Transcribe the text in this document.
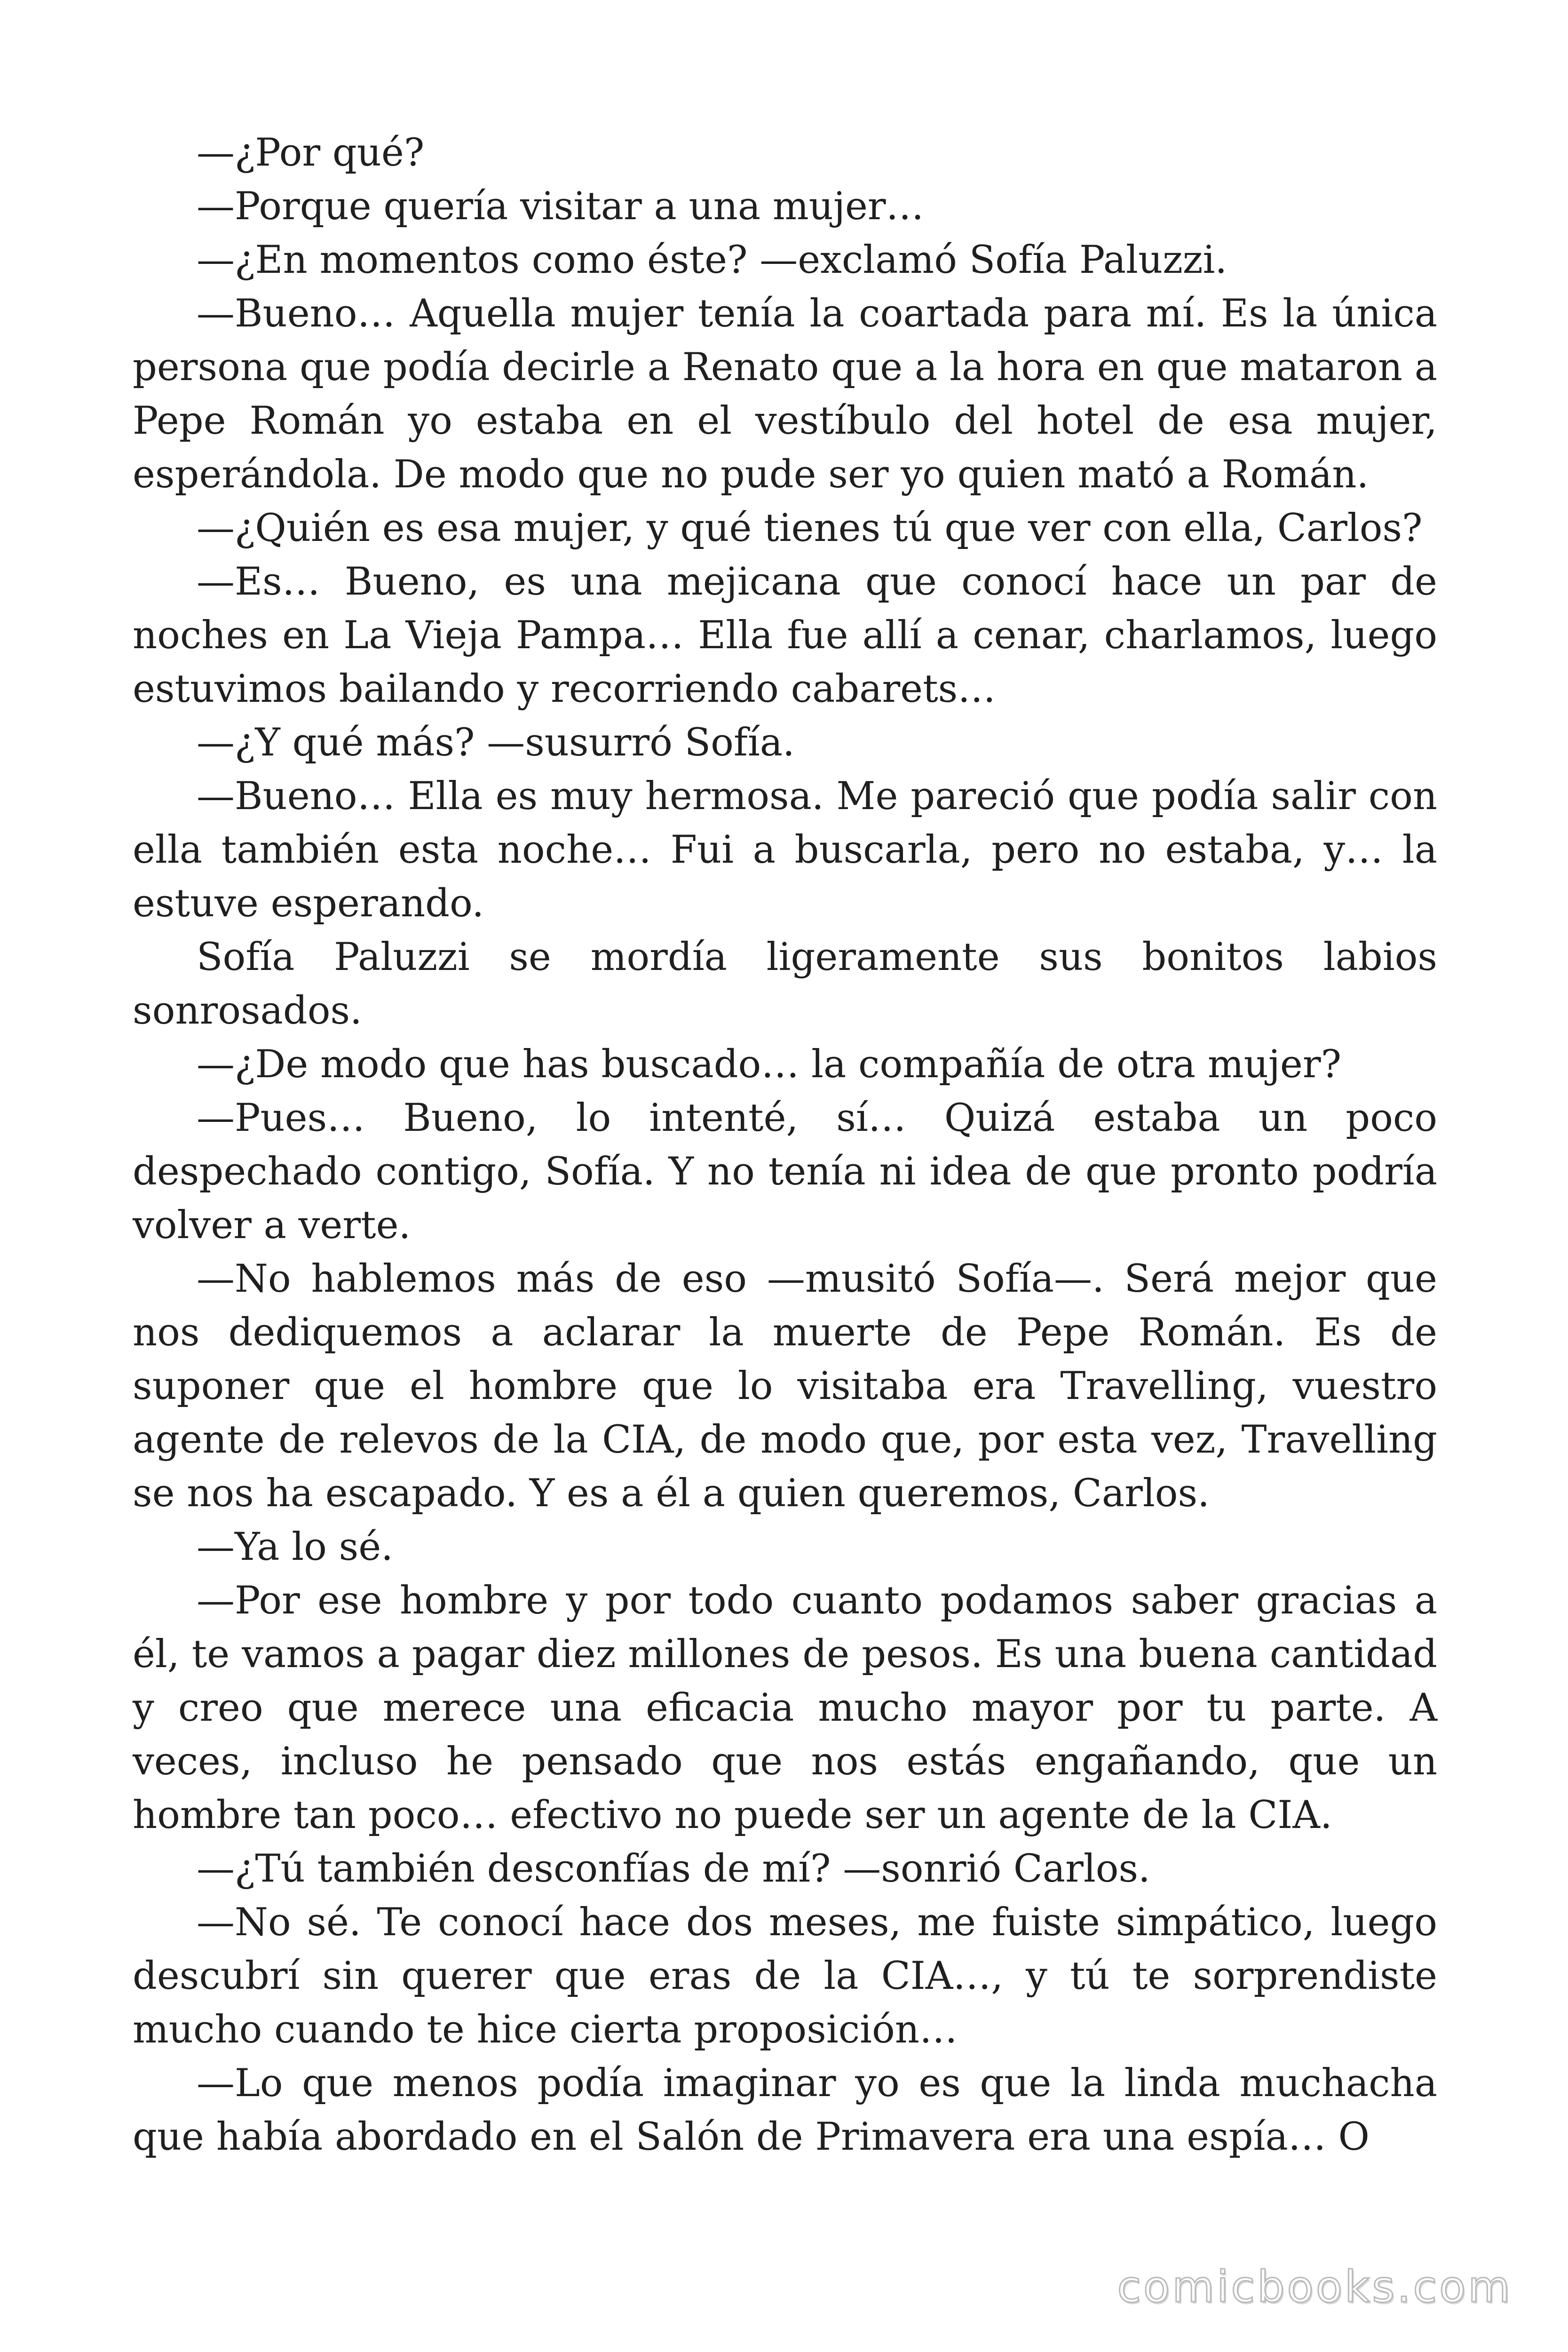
—¿Por qué?

—Porque quería visitar a una mujer…

—¿En momentos como éste? —exclamó Sofía Paluzzi.

—Bueno… Aquella mujer tenía la coartada para mí. Es la única persona que podía decirle a Renato que a la hora en que mataron a Pepe Román yo estaba en el vestíbulo del hotel de esa mujer, esperándola. De modo que no pude ser yo quien mató a Román.

—¿Quién es esa mujer, y qué tienes tú que ver con ella, Carlos?

—Es… Bueno, es una mejicana que conocí hace un par de noches en La Vieja Pampa… Ella fue allí a cenar, charlamos, luego estuvimos bailando y recorriendo cabarets…

—¿Y qué más? —susurró Sofía.

—Bueno… Ella es muy hermosa. Me pareció que podía salir con ella también esta noche… Fui a buscarla, pero no estaba, y… la estuve esperando.

Sofía Paluzzi se mordía ligeramente sus bonitos labios sonrosados.

—¿De modo que has buscado… la compañía de otra mujer?

—Pues… Bueno, lo intenté, sí… Quizá estaba un poco despechado contigo, Sofía. Y no tenía ni idea de que pronto podría volver a verte.

—No hablemos más de eso —musitó Sofía—. Será mejor que nos dediquemos a aclarar la muerte de Pepe Román. Es de suponer que el hombre que lo visitaba era Travelling, vuestro agente de relevos de la CIA, de modo que, por esta vez, Travelling se nos ha escapado. Y es a él a quien queremos, Carlos.

—Ya lo sé.

—Por ese hombre y por todo cuanto podamos saber gracias a él, te vamos a pagar diez millones de pesos. Es una buena cantidad y creo que merece una eficacia mucho mayor por tu parte. A veces, incluso he pensado que nos estás engañando, que un hombre tan poco… efectivo no puede ser un agente de la CIA.

—¿Tú también desconfías de mí? —sonrió Carlos.

—No sé. Te conocí hace dos meses, me fuiste simpático, luego descubrí sin querer que eras de la CIA…, y tú te sorprendiste mucho cuando te hice cierta proposición…

—Lo que menos podía imaginar yo es que la linda muchacha que había abordado en el Salón de Primavera era una espía… O

comicbooks.com
